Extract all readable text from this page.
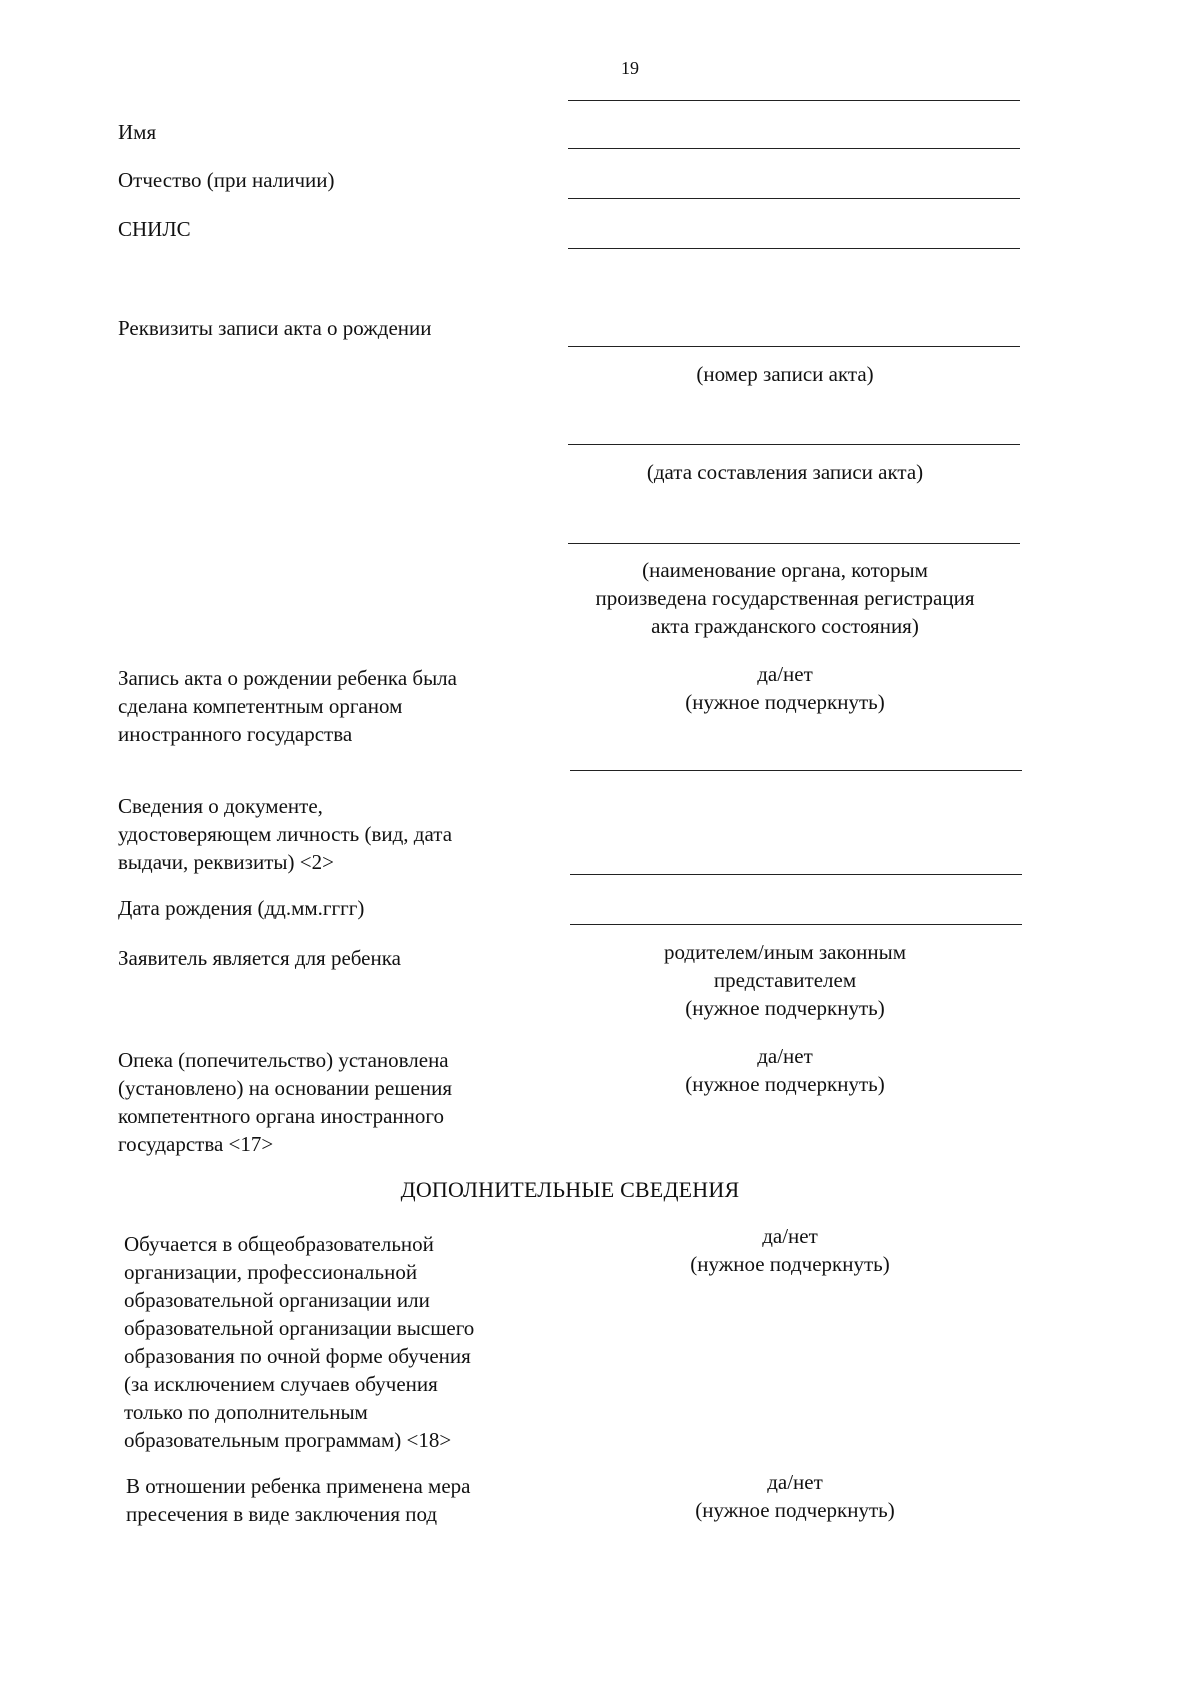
19
Имя
Отчество (при наличии)
СНИЛС
Реквизиты записи акта о рождении
(номер записи акта)
(дата составления записи акта)
(наименование органа, которым
произведена государственная регистрация
акта гражданского состояния)
Запись акта о рождении ребенка была
сделана компетентным органом
иностранного государства
да/нет
(нужное подчеркнуть)
Сведения о документе,
удостоверяющем личность (вид, дата
выдачи, реквизиты) <2>
Дата рождения (дд.мм.гггг)
Заявитель является для ребенка	родителем/иным законным
представителем
(нужное подчеркнуть)
Опека (попечительство) установлена
(установлено) на основании решения
компетентного органа иностранного
государства <17>
да/нет
(нужное подчеркнуть)
ДОПОЛНИТЕЛЬНЫЕ СВЕДЕНИЯ
Обучается в общеобразовательной
организации, профессиональной
образовательной организации или
образовательной организации высшего
образования по очной форме обучения
(за исключением случаев обучения
только по дополнительным
образовательным программам) <18>
да/нет
(нужное подчеркнуть)
В отношении ребенка применена мера
пресечения в виде заключения под
да/нет
(нужное подчеркнуть)
